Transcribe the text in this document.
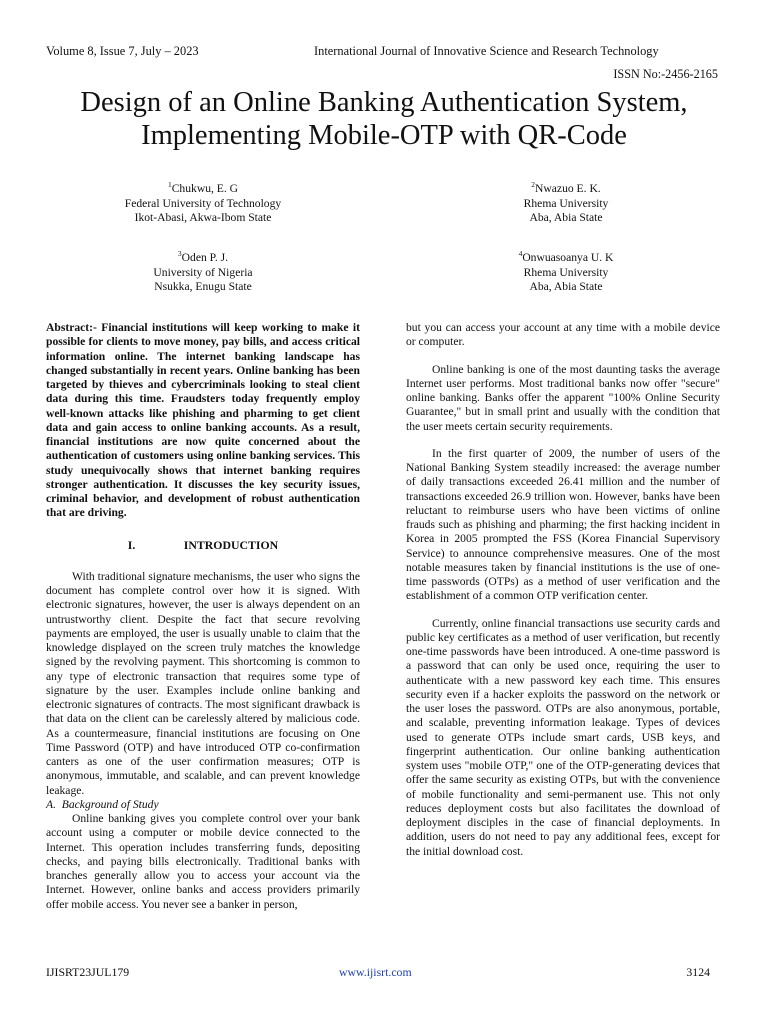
Volume 8, Issue 7, July – 2023	International Journal of Innovative Science and Research Technology
ISSN No:-2456-2165
Design of an Online Banking Authentication System,
Implementing Mobile-OTP with QR-Code
$^1$Chukwu, E. G
Federal University of Technology
Ikot-Abasi, Akwa-Ibom State
$^2$Nwazuo E. K.
Rhema University
Aba, Abia State
$^3$Oden P. J.
University of Nigeria
Nsukka, Enugu State
$^4$Onwuasoanya U. K
Rhema University
Aba, Abia State

Abstract:- Financial institutions will keep working to make it possible for clients to move money, pay bills, and access critical information online. The internet banking landscape has changed substantially in recent years. Online banking has been targeted by thieves and cybercriminals looking to steal client data during this time. Fraudsters today frequently employ well-known attacks like phishing and pharming to get client data and gain access to online banking accounts. As a result, financial institutions are now quite concerned about the authentication of customers using online banking services. This study unequivocally shows that internet banking requires stronger authentication. It discusses the key security issues, criminal behavior, and development of robust authentication that are driving.

I.	INTRODUCTION

With traditional signature mechanisms, the user who signs the document has complete control over how it is signed. With electronic signatures, however, the user is always dependent on an untrustworthy client. Despite the fact that secure revolving payments are employed, the user is usually unable to claim that the knowledge displayed on the screen truly matches the knowledge signed by the revolving payment. This shortcoming is common to any type of electronic transaction that requires some type of signature by the user. Examples include online banking and electronic signatures of contracts. The most significant drawback is that data on the client can be carelessly altered by malicious code. As a countermeasure, financial institutions are focusing on One Time Password (OTP) and have introduced OTP co-confirmation canters as one of the user confirmation measures; OTP is anonymous, immutable, and scalable, and can prevent knowledge leakage.

A. Background of Study

Online banking gives you complete control over your bank account using a computer or mobile device connected to the Internet. This operation includes transferring funds, depositing checks, and paying bills electronically. Traditional banks with branches generally allow you to access your account via the Internet. However, online banks and access providers primarily offer mobile access. You never see a banker in person,

but you can access your account at any time with a mobile device or computer.

Online banking is one of the most daunting tasks the average Internet user performs. Most traditional banks now offer "secure" online banking. Banks offer the apparent "100% Online Security Guarantee," but in small print and usually with the condition that the user meets certain security requirements.

In the first quarter of 2009, the number of users of the National Banking System steadily increased: the average number of daily transactions exceeded 26.41 million and the number of transactions exceeded 26.9 trillion won. However, banks have been reluctant to reimburse users who have been victims of online frauds such as phishing and pharming; the first hacking incident in Korea in 2005 prompted the FSS (Korea Financial Supervisory Service) to announce comprehensive measures. One of the most notable measures taken by financial institutions is the use of one-time passwords (OTPs) as a method of user verification and the establishment of a common OTP verification center.

Currently, online financial transactions use security cards and public key certificates as a method of user verification, but recently one-time passwords have been introduced. A one-time password is a password that can only be used once, requiring the user to authenticate with a new password key each time. This ensures security even if a hacker exploits the password on the network or the user loses the password. OTPs are also anonymous, portable, and scalable, preventing information leakage. Types of devices used to generate OTPs include smart cards, USB keys, and fingerprint authentication. Our online banking authentication system uses "mobile OTP," one of the OTP-generating devices that offer the same security as existing OTPs, but with the convenience of mobile functionality and semi-permanent use. This not only reduces deployment costs but also facilitates the download of deployment disciples in the case of financial deployments. In addition, users do not need to pay any additional fees, except for the initial download cost.

IJISRT23JUL179	www.ijisrt.com	3124
